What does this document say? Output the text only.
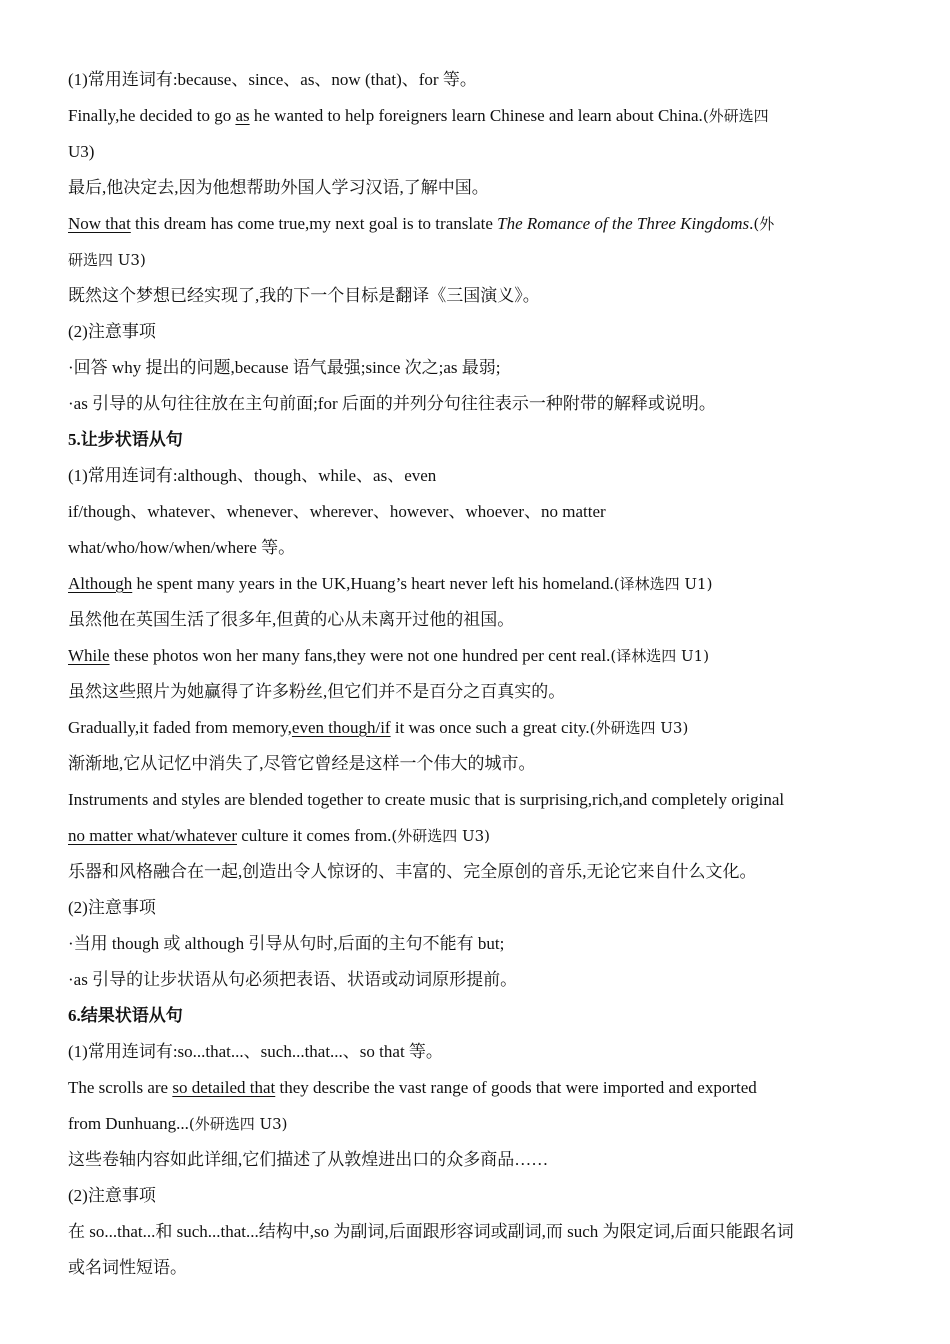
(1)常用连词有:because、since、as、now (that)、for 等。
Finally,he decided to go as he wanted to help foreigners learn Chinese and learn about China.(外研选四
U3)
最后,他决定去,因为他想帮助外国人学习汉语,了解中国。
Now that this dream has come true,my next goal is to translate The Romance of the Three Kingdoms.(外
研选四 U3)
既然这个梦想已经实现了,我的下一个目标是翻译《三国演义》。
(2)注意事项
·回答 why 提出的问题,because 语气最强;since 次之;as 最弱;
·as 引导的从句往往放在主句前面;for 后面的并列分句往往表示一种附带的解释或说明。
5.让步状语从句
(1)常用连词有:although、though、while、as、even
if/though、whatever、whenever、wherever、however、whoever、no matter
what/who/how/when/where 等。
Although he spent many years in the UK,Huang’s heart never left his homeland.(译林选四 U1)
虽然他在英国生活了很多年,但黄的心从未离开过他的祖国。
While these photos won her many fans,they were not one hundred per cent real.(译林选四 U1)
虽然这些照片为她赢得了许多粉丝,但它们并不是百分之百真实的。
Gradually,it faded from memory,even though/if it was once such a great city.(外研选四 U3)
渐渐地,它从记忆中消失了,尽管它曾经是这样一个伟大的城市。
Instruments and styles are blended together to create music that is surprising,rich,and completely original
no matter what/whatever culture it comes from.(外研选四 U3)
乐器和风格融合在一起,创造出令人惊讶的、丰富的、完全原创的音乐,无论它来自什么文化。
(2)注意事项
·当用 though 或 although 引导从句时,后面的主句不能有 but;
·as 引导的让步状语从句必须把表语、状语或动词原形提前。
6.结果状语从句
(1)常用连词有:so...that...、such...that...、so that 等。
The scrolls are so detailed that they describe the vast range of goods that were imported and exported
from Dunhuang...(外研选四 U3)
这些卷轴内容如此详细,它们描述了从敦煌进出口的众多商品……
(2)注意事项
在 so...that...和 such...that...结构中,so 为副词,后面跟形容词或副词,而 such 为限定词,后面只能跟名词
或名词性短语。
